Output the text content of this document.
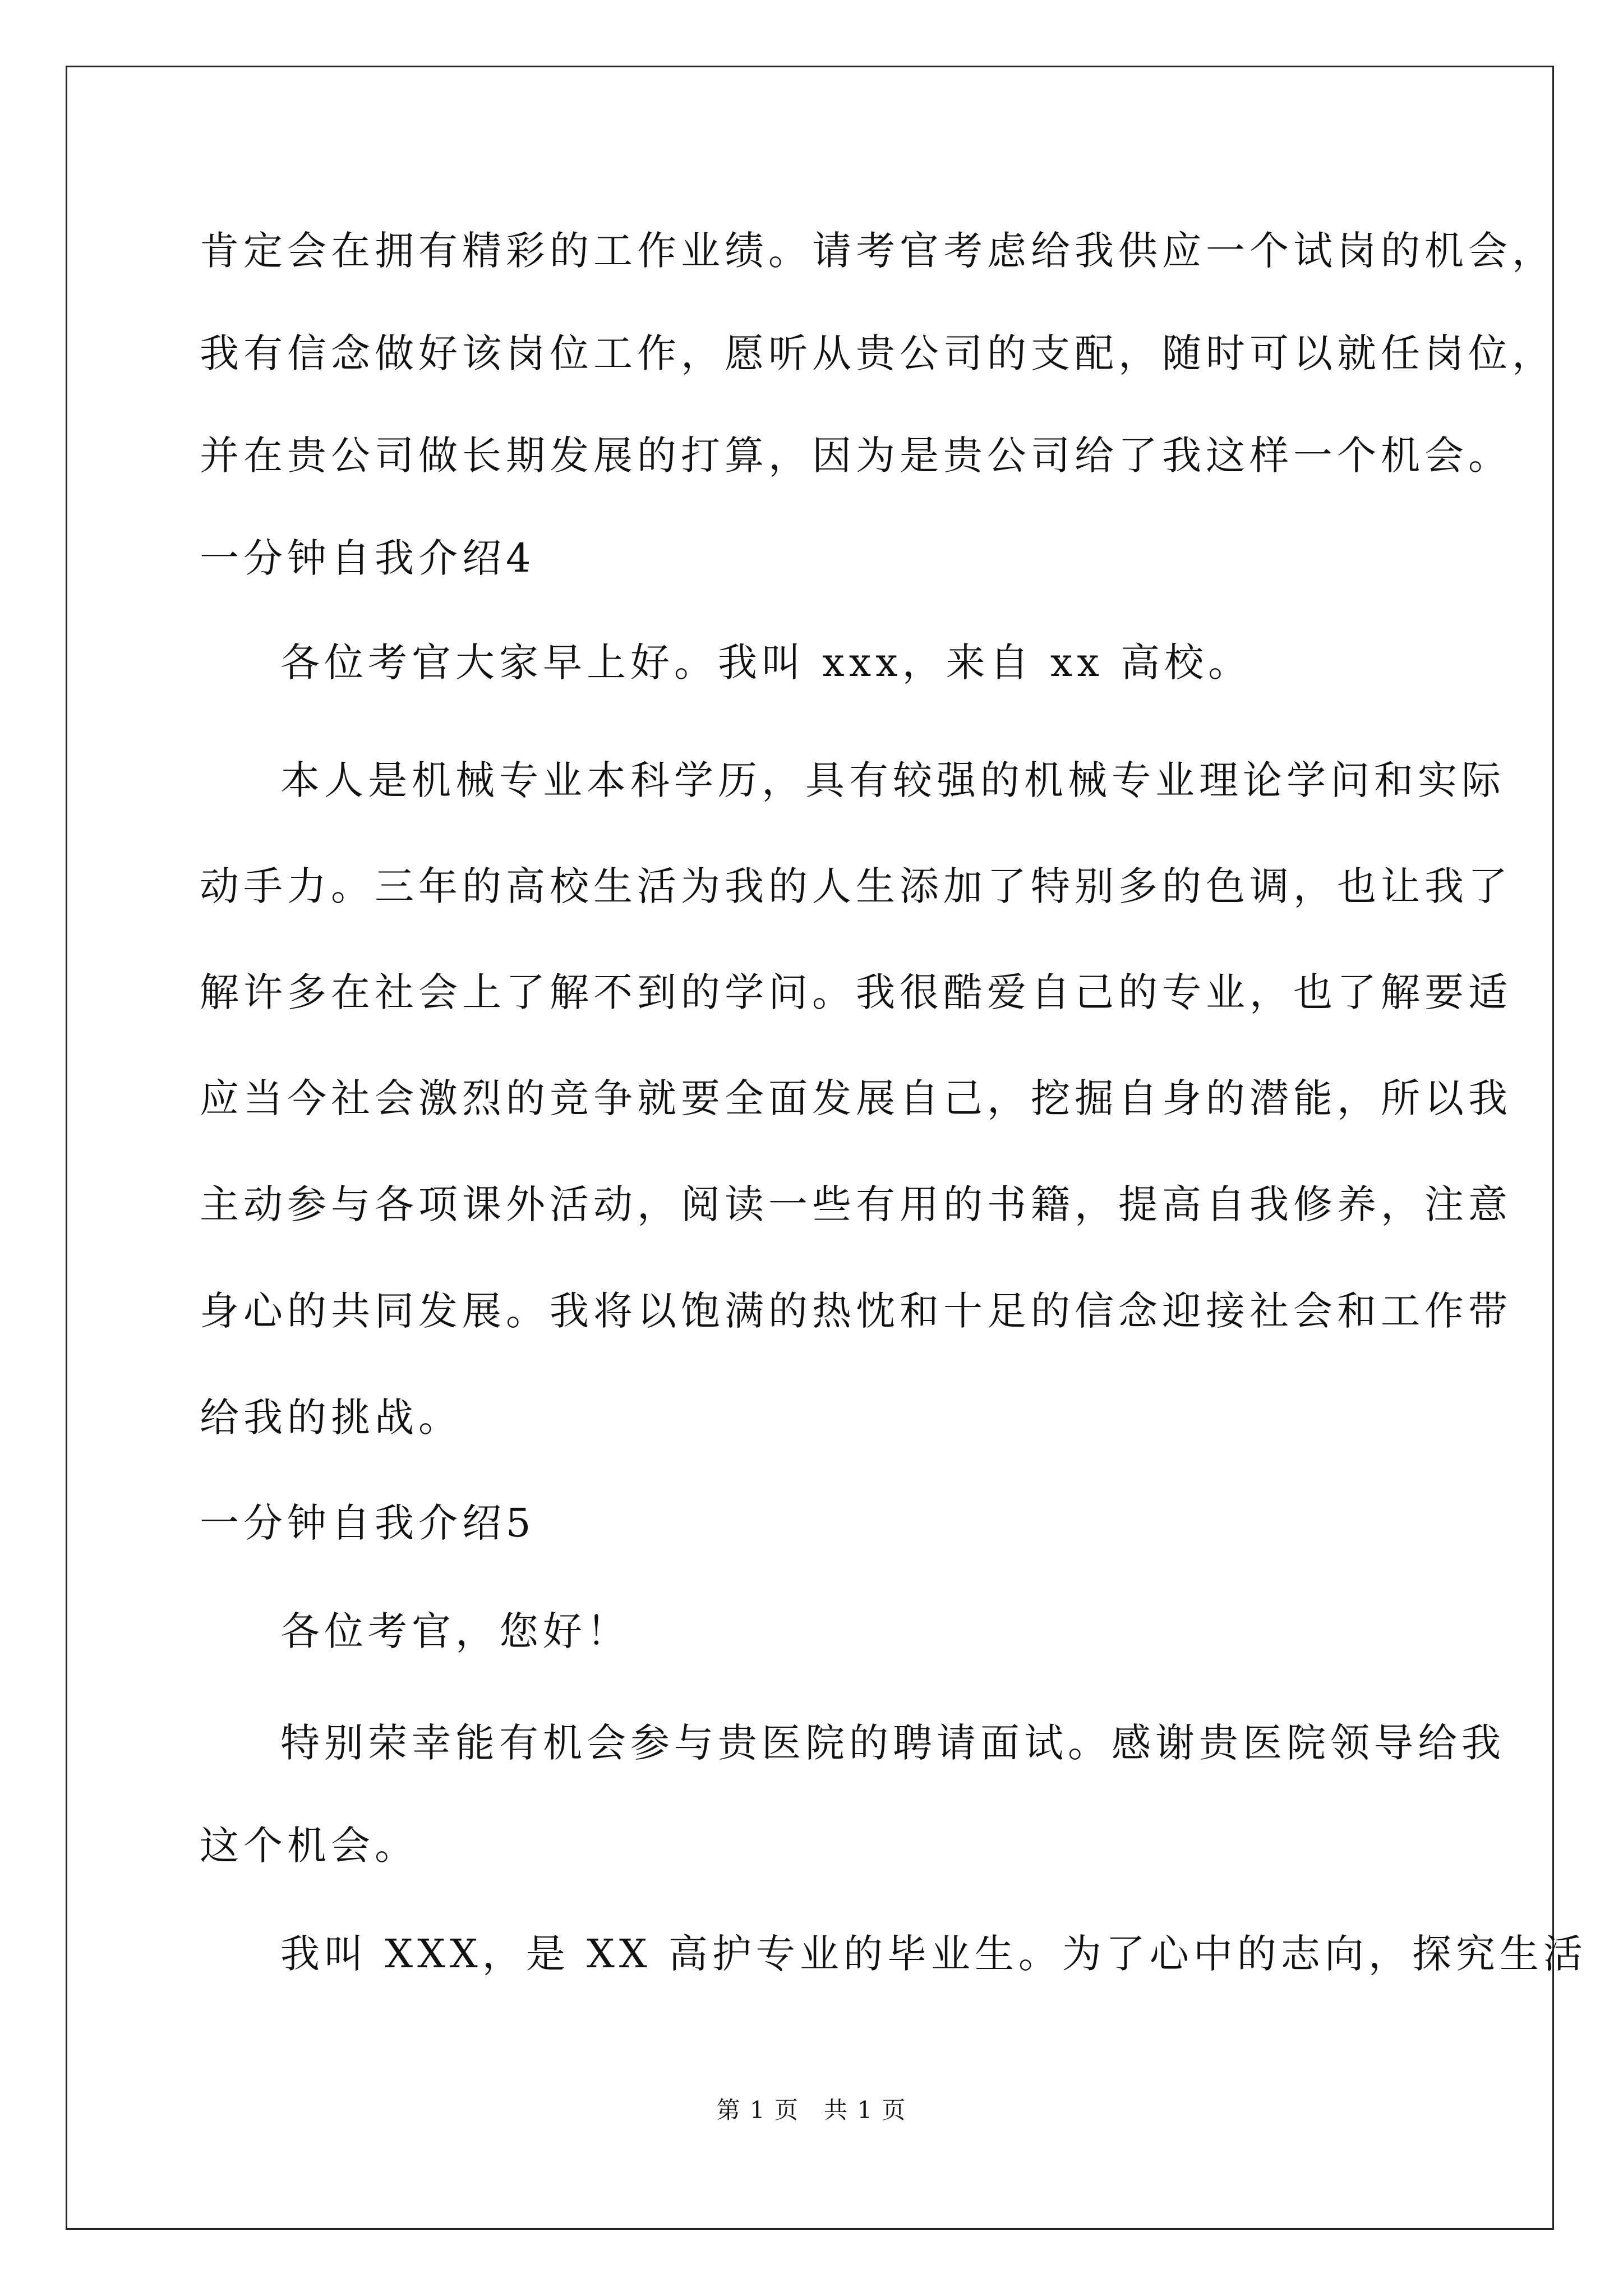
肯定会在拥有精彩的工作业绩。请考官考虑给我供应一个试岗的机会，
我有信念做好该岗位工作，愿听从贵公司的支配，随时可以就任岗位，
并在贵公司做长期发展的打算，因为是贵公司给了我这样一个机会。
一分钟自我介绍4
各位考官大家早上好。我叫 xxx，来自 xx 高校。
本人是机械专业本科学历，具有较强的机械专业理论学问和实际
动手力。三年的高校生活为我的人生添加了特别多的色调，也让我了
解许多在社会上了解不到的学问。我很酷爱自己的专业，也了解要适
应当今社会激烈的竞争就要全面发展自己，挖掘自身的潜能，所以我
主动参与各项课外活动，阅读一些有用的书籍，提高自我修养，注意
身心的共同发展。我将以饱满的热忱和十足的信念迎接社会和工作带
给我的挑战。
一分钟自我介绍5
各位考官，您好！
特别荣幸能有机会参与贵医院的聘请面试。感谢贵医院领导给我
这个机会。
我叫 XXX，是 XX 高护专业的毕业生。为了心中的志向，探究生活
第 1 页　共 1 页
